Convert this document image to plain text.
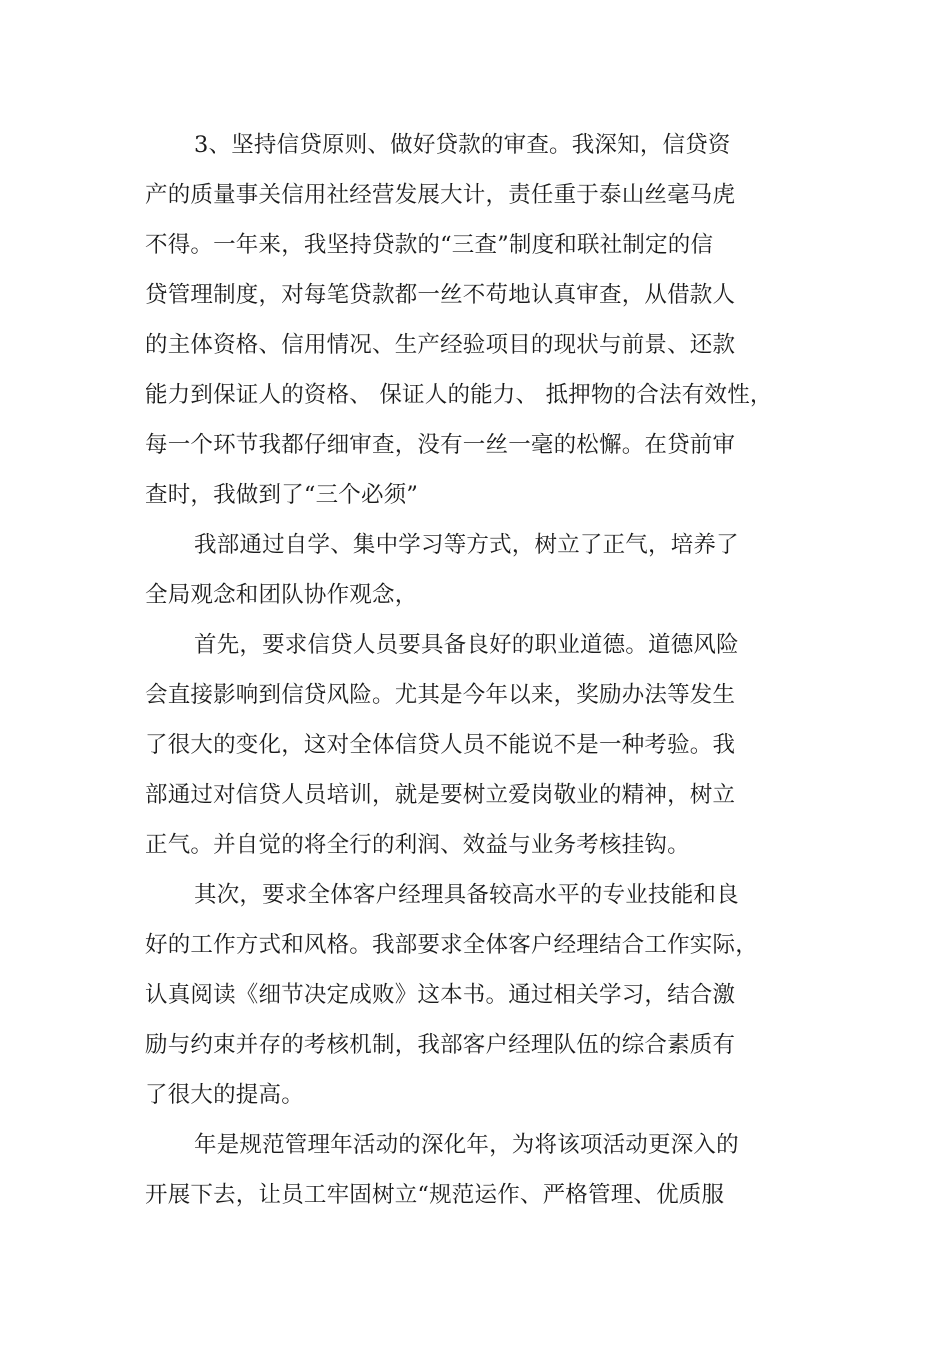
3、坚持信贷原则、做好贷款的审查。我深知，信贷资
产的质量事关信用社经营发展大计，责任重于泰山丝毫马虎
不得。一年来，我坚持贷款的“三查”制度和联社制定的信
贷管理制度，对每笔贷款都一丝不苟地认真审查，从借款人
的主体资格、信用情况、生产经验项目的现状与前景、还款
能力到保证人的资格、 保证人的能力、 抵押物的合法有效性，
每一个环节我都仔细审查，没有一丝一毫的松懈。在贷前审
查时，我做到了“三个必须”
我部通过自学、集中学习等方式，树立了正气，培养了
全局观念和团队协作观念，
首先，要求信贷人员要具备良好的职业道德。道德风险
会直接影响到信贷风险。尤其是今年以来，奖励办法等发生
了很大的变化，这对全体信贷人员不能说不是一种考验。我
部通过对信贷人员培训，就是要树立爱岗敬业的精神，树立
正气。并自觉的将全行的利润、效益与业务考核挂钩。
其次，要求全体客户经理具备较高水平的专业技能和良
好的工作方式和风格。我部要求全体客户经理结合工作实际，
认真阅读《细节决定成败》这本书。通过相关学习，结合激
励与约束并存的考核机制，我部客户经理队伍的综合素质有
了很大的提高。
年是规范管理年活动的深化年，为将该项活动更深入的
开展下去，让员工牢固树立“规范运作、严格管理、优质服
